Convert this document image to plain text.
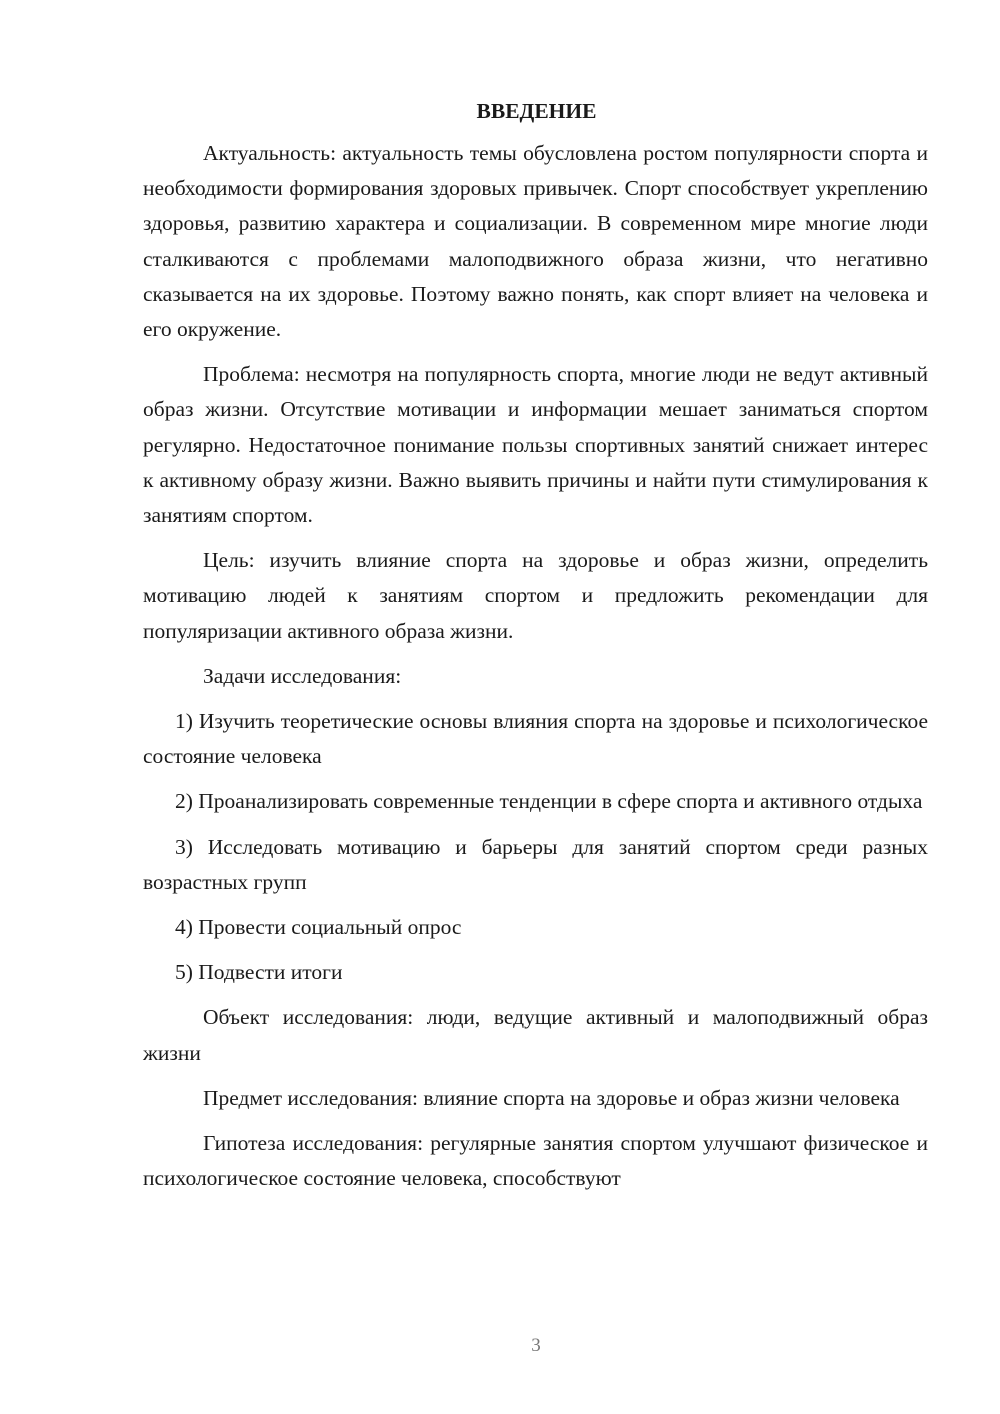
ВВЕДЕНИЕ

Актуальность: актуальность темы обусловлена ростом популярности спорта и необходимости формирования здоровых привычек. Спорт способствует укреплению здоровья, развитию характера и социализации. В современном мире многие люди сталкиваются с проблемами малоподвижного образа жизни, что негативно сказывается на их здоровье. Поэтому важно понять, как спорт влияет на человека и его окружение.

Проблема: несмотря на популярность спорта, многие люди не ведут активный образ жизни. Отсутствие мотивации и информации мешает заниматься спортом регулярно. Недостаточное понимание пользы спортивных занятий снижает интерес к активному образу жизни. Важно выявить причины и найти пути стимулирования к занятиям спортом.

Цель: изучить влияние спорта на здоровье и образ жизни, определить мотивацию людей к занятиям спортом и предложить рекомендации для популяризации активного образа жизни.

Задачи исследования:

1) Изучить теоретические основы влияния спорта на здоровье и психологическое состояние человека

2) Проанализировать современные тенденции в сфере спорта и активного отдыха

3) Исследовать мотивацию и барьеры для занятий спортом среди разных возрастных групп

4) Провести социальный опрос

5) Подвести итоги

Объект исследования: люди, ведущие активный и малоподвижный образ жизни

Предмет исследования: влияние спорта на здоровье и образ жизни человека

Гипотеза исследования: регулярные занятия спортом улучшают физическое и психологическое состояние человека, способствуют

3
